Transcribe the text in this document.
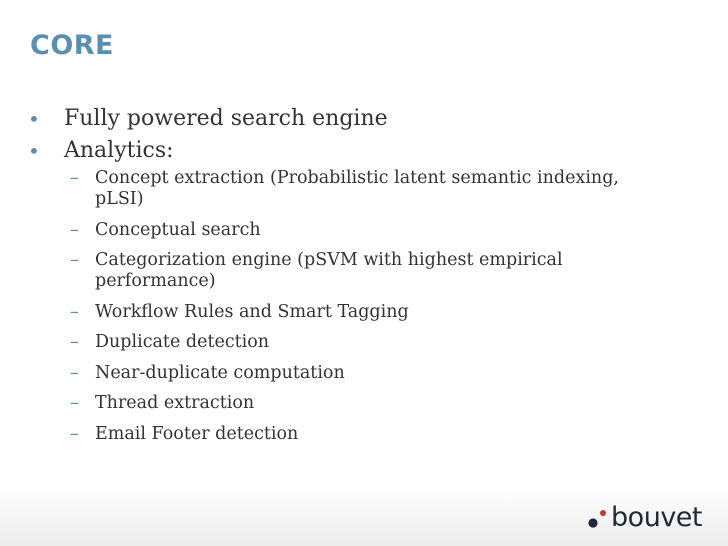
CORE
• Fully powered search engine
• Analytics:
– Concept extraction (Probabilistic latent semantic indexing, pLSI)
– Conceptual search
– Categorization engine (pSVM with highest empirical performance)
– Workflow Rules and Smart Tagging
– Duplicate detection
– Near-duplicate computation
– Thread extraction
– Email Footer detection
bouvet
